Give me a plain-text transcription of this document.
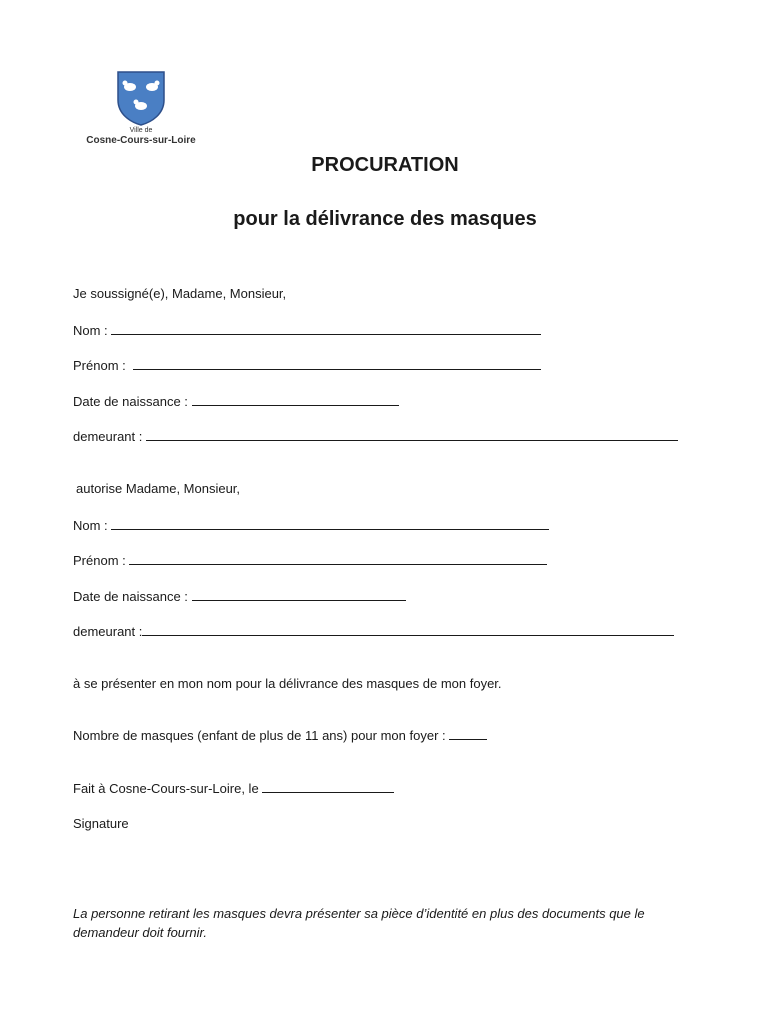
Ville de
Cosne-Cours-sur-Loire
PROCURATION
pour la délivrance des masques

Je soussigné(e), Madame, Monsieur,

Nom :

Prénom :

Date de naissance :

demeurant :

autorise Madame, Monsieur,

Nom :

Prénom :

Date de naissance :

demeurant :

à se présenter en mon nom pour la délivrance des masques de mon foyer.

Nombre de masques (enfant de plus de 11 ans) pour mon foyer :

Fait à Cosne-Cours-sur-Loire, le

Signature

La personne retirant les masques devra présenter sa pièce d’identité en plus des documents que le demandeur doit fournir.
